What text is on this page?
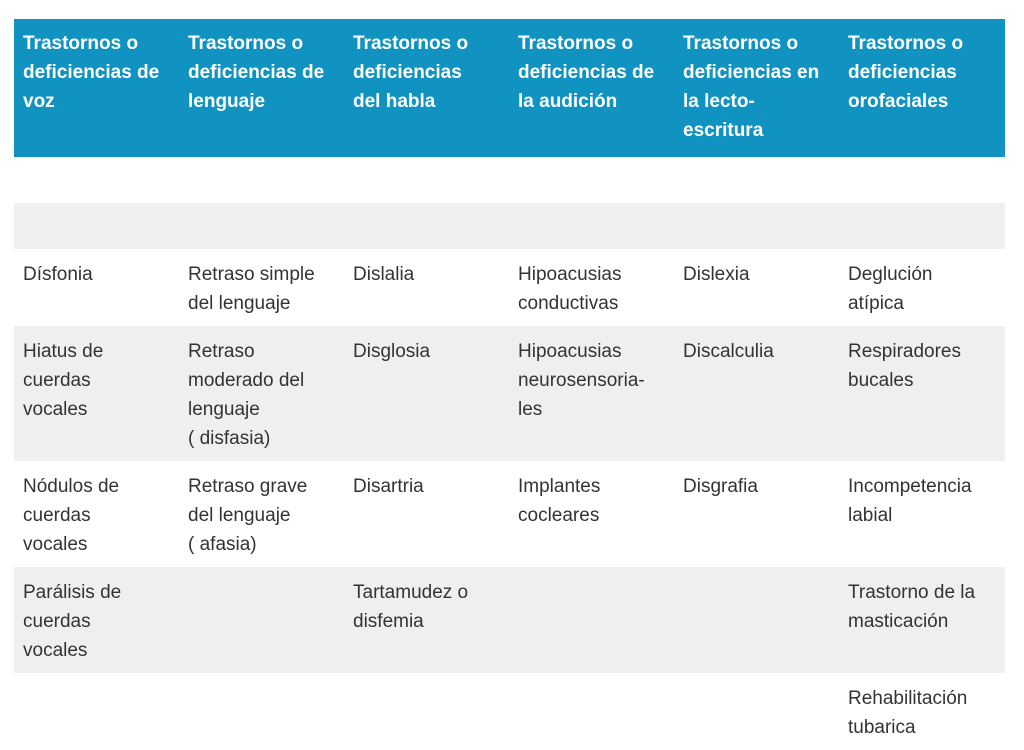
Trastornos o
deficiencias de
voz	Trastornos o
deficiencias de
lenguaje	Trastornos o
deficiencias
del habla	Trastornos o
deficiencias de
la audición	Trastornos o
deficiencias en
la lecto-
escritura	Trastornos o
deficiencias
orofaciales

Dísfonia	Retraso simple
del lenguaje	Dislalia	Hipoacusias
conductivas	Dislexia	Deglución
atípica
Hiatus de
cuerdas
vocales	Retraso
moderado del
lenguaje
( disfasia)	Disglosia	Hipoacusias
neurosensoria-
les	Discalculia	Respiradores
bucales
Nódulos de
cuerdas
vocales	Retraso grave
del lenguaje
( afasia)	Disartria	Implantes
cocleares	Disgrafia	Incompetencia
labial
Parálisis de
cuerdas
vocales		Tartamudez o
disfemia			Trastorno de la
masticación
					Rehabilitación
tubarica
